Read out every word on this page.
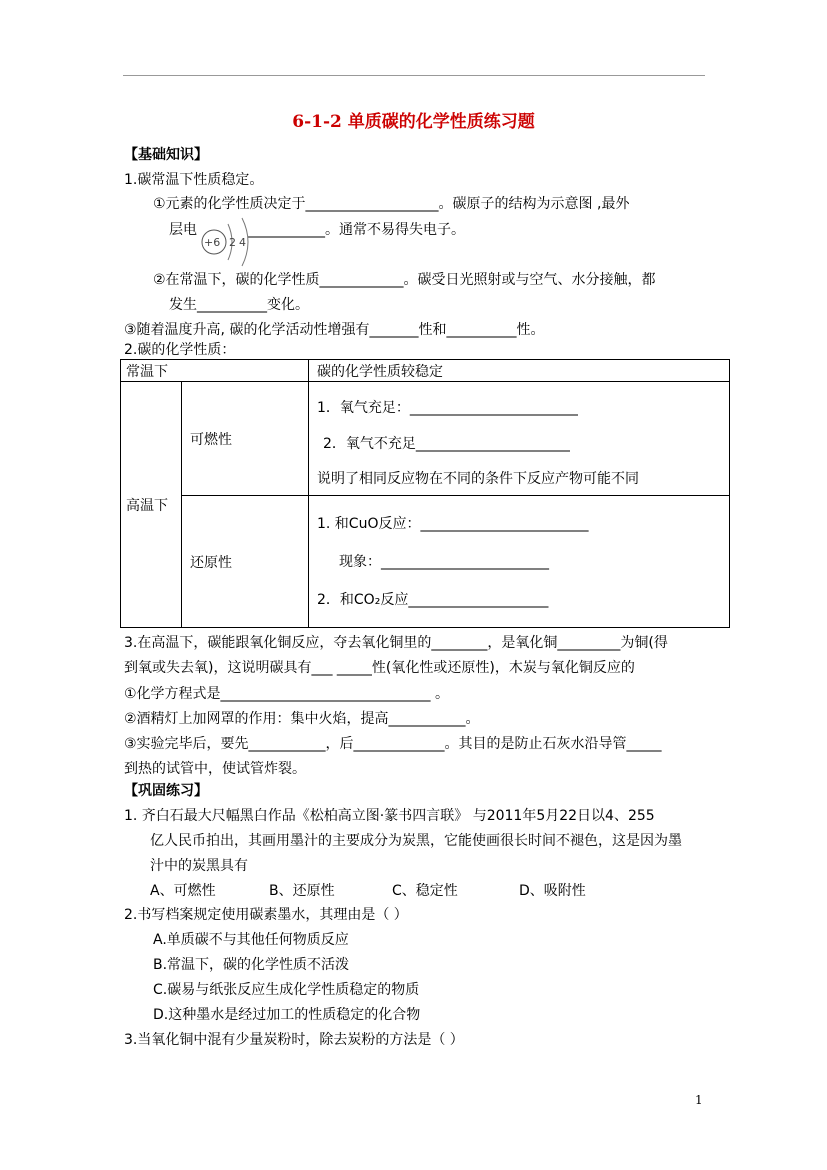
6-1-2 单质碳的化学性质练习题
【基础知识】
1.碳常温下性质稳定。
①元素的化学性质决定于___________________。碳原子的结构为示意图 ,最外
层电	___________。通常不易得失电子。
+6 2 4
②在常温下，碳的化学性质____________。碳受日光照射或与空气、水分接触，都
发生__________变化。
③随着温度升高, 碳的化学活动性增强有_______性和__________性。
2.碳的化学性质：
常温下		碳的化学性质较稳定
高温下	可燃性	1．氧气充足：________________________
2．氧气不充足______________________
说明了相同反应物在不同的条件下反应产物可能不同

	还原性	1. 和CuO反应：________________________
现象：________________________
2．和CO₂反应____________________
3.在高温下，碳能跟氧化铜反应，夺去氧化铜里的________，是氧化铜_________为铜(得
到氧或失去氧)，这说明碳具有___ _____性(氧化性或还原性)，木炭与氧化铜反应的
①化学方程式是______________________________ 。
②酒精灯上加网罩的作用：集中火焰，提高___________。
③实验完毕后，要先___________，后_____________。其目的是防止石灰水沿导管_____
到热的试管中，使试管炸裂。
【巩固练习】
1. 齐白石最大尺幅黑白作品《松柏高立图·篆书四言联》 与2011年5月22日以4、255
亿人民币拍出，其画用墨汁的主要成分为炭黑，它能使画很长时间不褪色，这是因为墨
汁中的炭黑具有
A、可燃性	B、还原性	C、稳定性	D、吸附性
2.书写档案规定使用碳素墨水，其理由是（ ）
A.单质碳不与其他任何物质反应
B.常温下，碳的化学性质不活泼
C.碳易与纸张反应生成化学性质稳定的物质
D.这种墨水是经过加工的性质稳定的化合物
3.当氧化铜中混有少量炭粉时，除去炭粉的方法是（ ）
1
